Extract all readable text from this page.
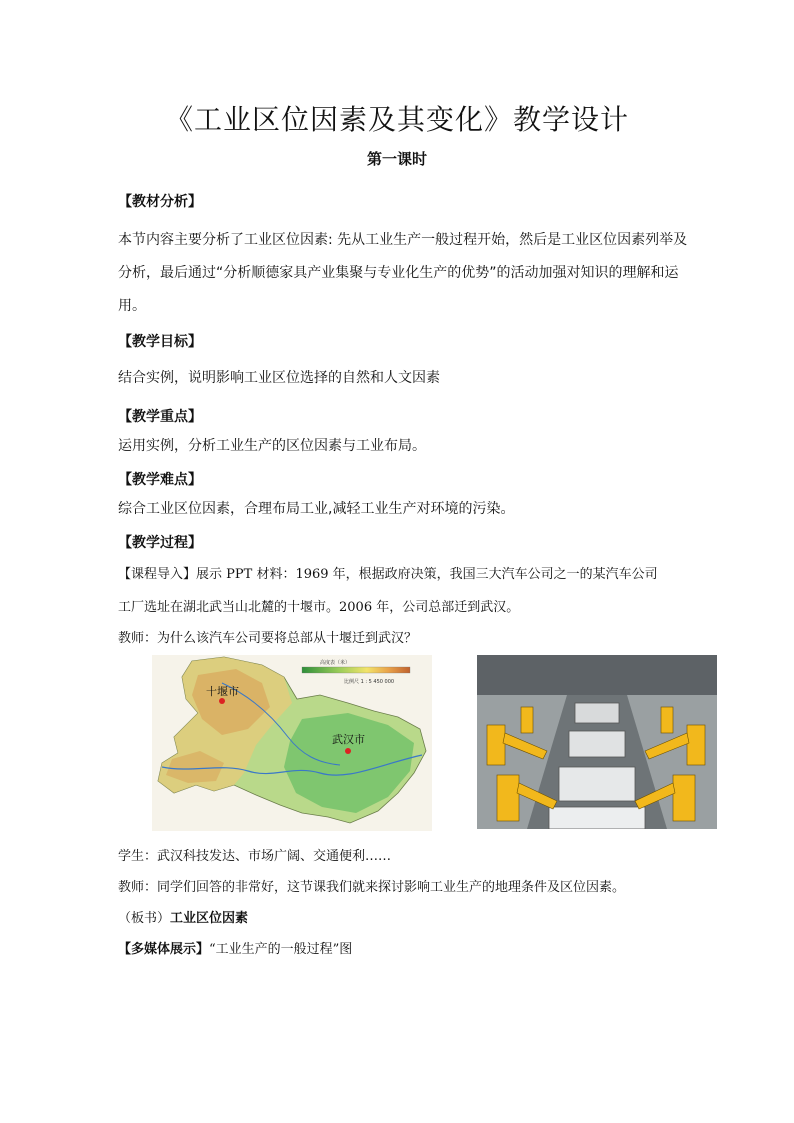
《工业区位因素及其变化》教学设计
第一课时
【教材分析】

本节内容主要分析了工业区位因素: 先从工业生产一般过程开始，然后是工业区位因素列举及分析，最后通过“分析顺德家具产业集聚与专业化生产的优势”的活动加强对知识的理解和运用。

【教学目标】

结合实例，说明影响工业区位选择的自然和人文因素

【教学重点】

运用实例，分析工业生产的区位因素与工业布局。

【教学难点】

综合工业区位因素，合理布局工业,减轻工业生产对环境的污染。

【教学过程】
【课程导入】展示 PPT 材料：1969 年，根据政府决策，我国三大汽车公司之一的某汽车公司
工厂选址在湖北武当山北麓的十堰市。2006 年，公司总部迁到武汉。
教师：为什么该汽车公司要将总部从十堰迁到武汉？
高度表（米）
比例尺 1 : 5 450 000
十堰市
武汉市
学生：武汉科技发达、市场广阔、交通便利……
教师：同学们回答的非常好，这节课我们就来探讨影响工业生产的地理条件及区位因素。
（板书）工业区位因素
【多媒体展示】“工业生产的一般过程”图
